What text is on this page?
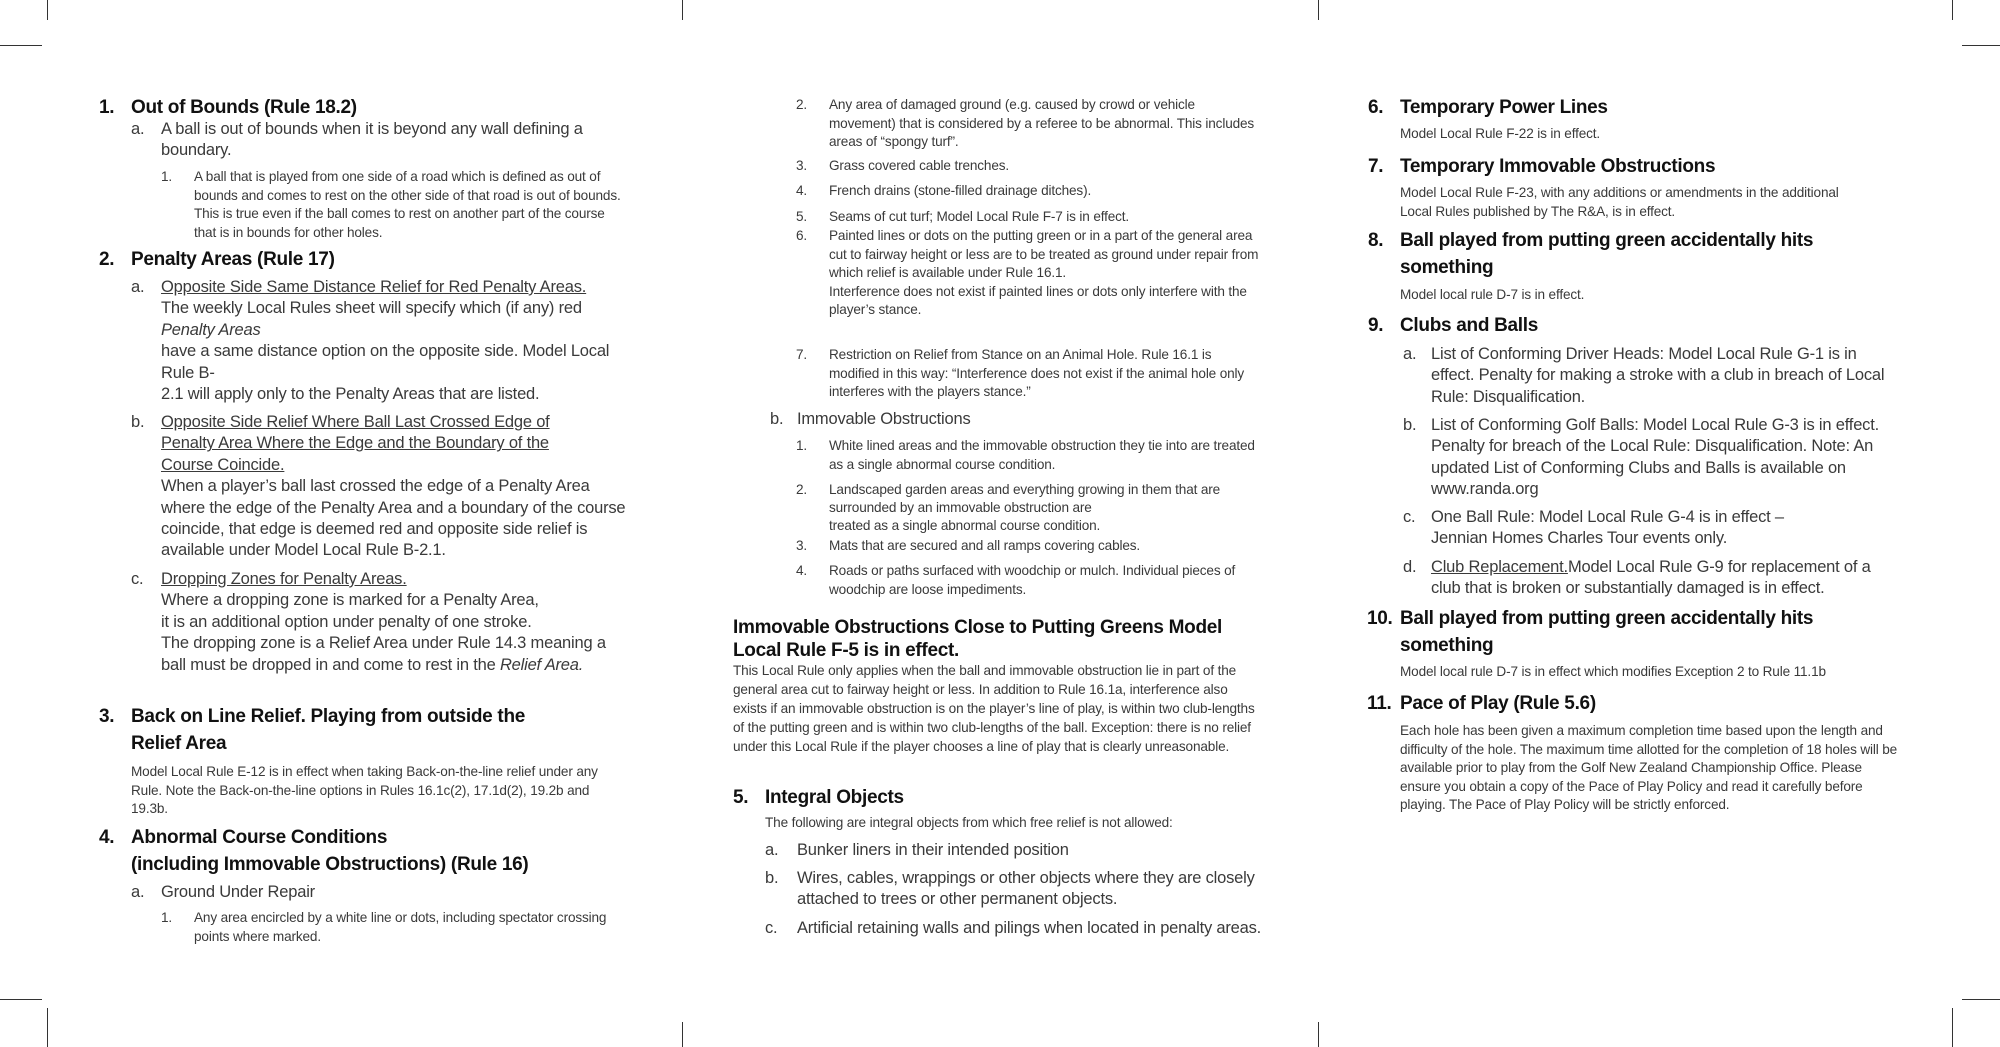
1. Out of Bounds (Rule 18.2)
a. A ball is out of bounds when it is beyond any wall defining a boundary.
1. A ball that is played from one side of a road which is defined as out of bounds and comes to rest on the other side of that road is out of bounds. This is true even if the ball comes to rest on another part of the course that is in bounds for other holes.
2. Penalty Areas (Rule 17)
a. Opposite Side Same Distance Relief for Red Penalty Areas.
The weekly Local Rules sheet will specify which (if any) red
Penalty Areas
have a same distance option on the opposite side. Model Local Rule B-
2.1 will apply only to the Penalty Areas that are listed.
b. Opposite Side Relief Where Ball Last Crossed Edge of Penalty Area Where the Edge and the Boundary of the Course Coincide.
When a player’s ball last crossed the edge of a Penalty Area where the edge of the Penalty Area and a boundary of the course coincide, that edge is deemed red and opposite side relief is available under Model Local Rule B-2.1.
c. Dropping Zones for Penalty Areas.
Where a dropping zone is marked for a Penalty Area,
it is an additional option under penalty of one stroke.
The dropping zone is a Relief Area under Rule 14.3 meaning a ball must be dropped in and come to rest in the Relief Area.
3. Back on Line Relief. Playing from outside the Relief Area
Model Local Rule E-12 is in effect when taking Back-on-the-line relief under any Rule. Note the Back-on-the-line options in Rules 16.1c(2), 17.1d(2), 19.2b and 19.3b.
4. Abnormal Course Conditions
(including Immovable Obstructions) (Rule 16)
a. Ground Under Repair
1. Any area encircled by a white line or dots, including spectator crossing points where marked.
2. Any area of damaged ground (e.g. caused by crowd or vehicle movement) that is considered by a referee to be abnormal. This includes areas of “spongy turf”.
3. Grass covered cable trenches.
4. French drains (stone-filled drainage ditches).
5. Seams of cut turf; Model Local Rule F-7 is in effect.
6. Painted lines or dots on the putting green or in a part of the general area cut to fairway height or less are to be treated as ground under repair from which relief is available under Rule 16.1.
Interference does not exist if painted lines or dots only interfere with the player’s stance.
7. Restriction on Relief from Stance on an Animal Hole. Rule 16.1 is modified in this way: “Interference does not exist if the animal hole only interferes with the players stance.”
b. Immovable Obstructions
1. White lined areas and the immovable obstruction they tie into are treated as a single abnormal course condition.
2. Landscaped garden areas and everything growing in them that are surrounded by an immovable obstruction are
treated as a single abnormal course condition.
3. Mats that are secured and all ramps covering cables.
4. Roads or paths surfaced with woodchip or mulch. Individual pieces of woodchip are loose impediments.
Immovable Obstructions Close to Putting Greens Model Local Rule F-5 is in effect.
This Local Rule only applies when the ball and immovable obstruction lie in part of the general area cut to fairway height or less. In addition to Rule 16.1a, interference also exists if an immovable obstruction is on the player’s line of play, is within two club-lengths of the putting green and is within two club-lengths of the ball. Exception: there is no relief under this Local Rule if the player chooses a line of play that is clearly unreasonable.
5. Integral Objects
The following are integral objects from which free relief is not allowed:
a. Bunker liners in their intended position
b. Wires, cables, wrappings or other objects where they are closely attached to trees or other permanent objects.
c. Artificial retaining walls and pilings when located in penalty areas.
6. Temporary Power Lines
Model Local Rule F-22 is in effect.
7. Temporary Immovable Obstructions
Model Local Rule F-23, with any additions or amendments in the additional Local Rules published by The R&A, is in effect.
8. Ball played from putting green accidentally hits something
Model local rule D-7 is in effect.
9. Clubs and Balls
a. List of Conforming Driver Heads: Model Local Rule G-1 is in effect. Penalty for making a stroke with a club in breach of Local Rule: Disqualification.
b. List of Conforming Golf Balls: Model Local Rule G-3 is in effect. Penalty for breach of the Local Rule: Disqualification. Note: An updated List of Conforming Clubs and Balls is available on www.randa.org
c. One Ball Rule: Model Local Rule G-4 is in effect –
Jennian Homes Charles Tour events only.
d. Club Replacement.Model Local Rule G-9 for replacement of a club that is broken or substantially damaged is in effect.
10. Ball played from putting green accidentally hits something
Model local rule D-7 is in effect which modifies Exception 2 to Rule 11.1b
11. Pace of Play (Rule 5.6)
Each hole has been given a maximum completion time based upon the length and difficulty of the hole. The maximum time allotted for the completion of 18 holes will be available prior to play from the Golf New Zealand Championship Office. Please ensure you obtain a copy of the Pace of Play Policy and read it carefully before playing. The Pace of Play Policy will be strictly enforced.
